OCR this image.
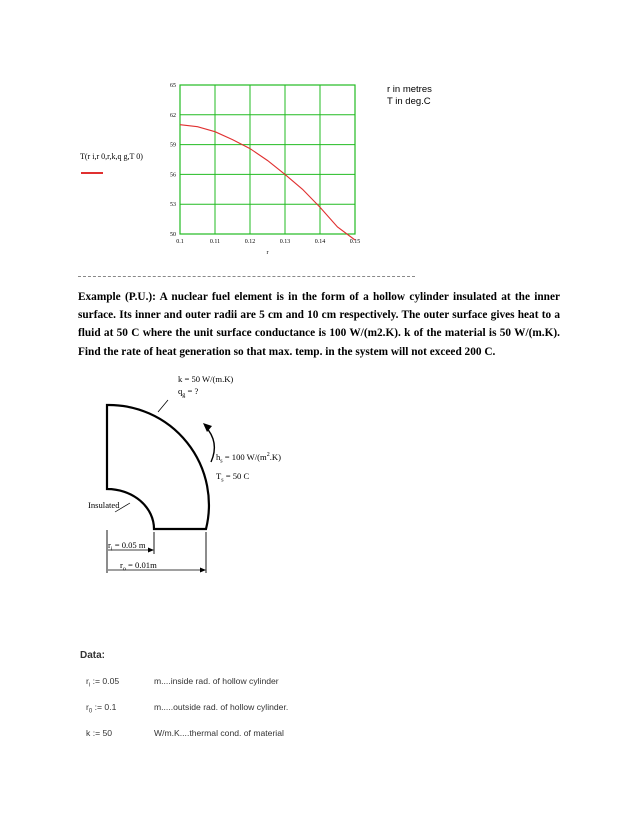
0.1	0.11	0.12	0.13	0.14	0.15
50
53
56
59
62
65
r
T(r i,r 0,r,k,q g,T 0)
r in metres
T in deg.C
Example (P.U.): A nuclear fuel element is in the form of a hollow cylinder insulated at the inner surface. Its inner and outer radii are 5 cm and 10 cm respectively. The outer surface gives heat to a fluid at 50 C where the unit surface conductance is 100 W/(m2.K). k of the material is 50 W/(m.K). Find the rate of heat generation so that max. temp. in the system will not exceed 200 C.
k = 50 W/(m.K)
$q_g$ = ?
$h_s = 100$ $W/(m^2.K)$
$T_s = 50$ C
Insulated
$r_i = 0.05$ m
$r_o = 0.01m$
Data:
$r_i$ := 0.05	m....inside rad. of hollow cylinder
$r_0$ := 0.1	m.....outside rad. of hollow cylinder.
k := 50	W/m.K....thermal cond. of material
